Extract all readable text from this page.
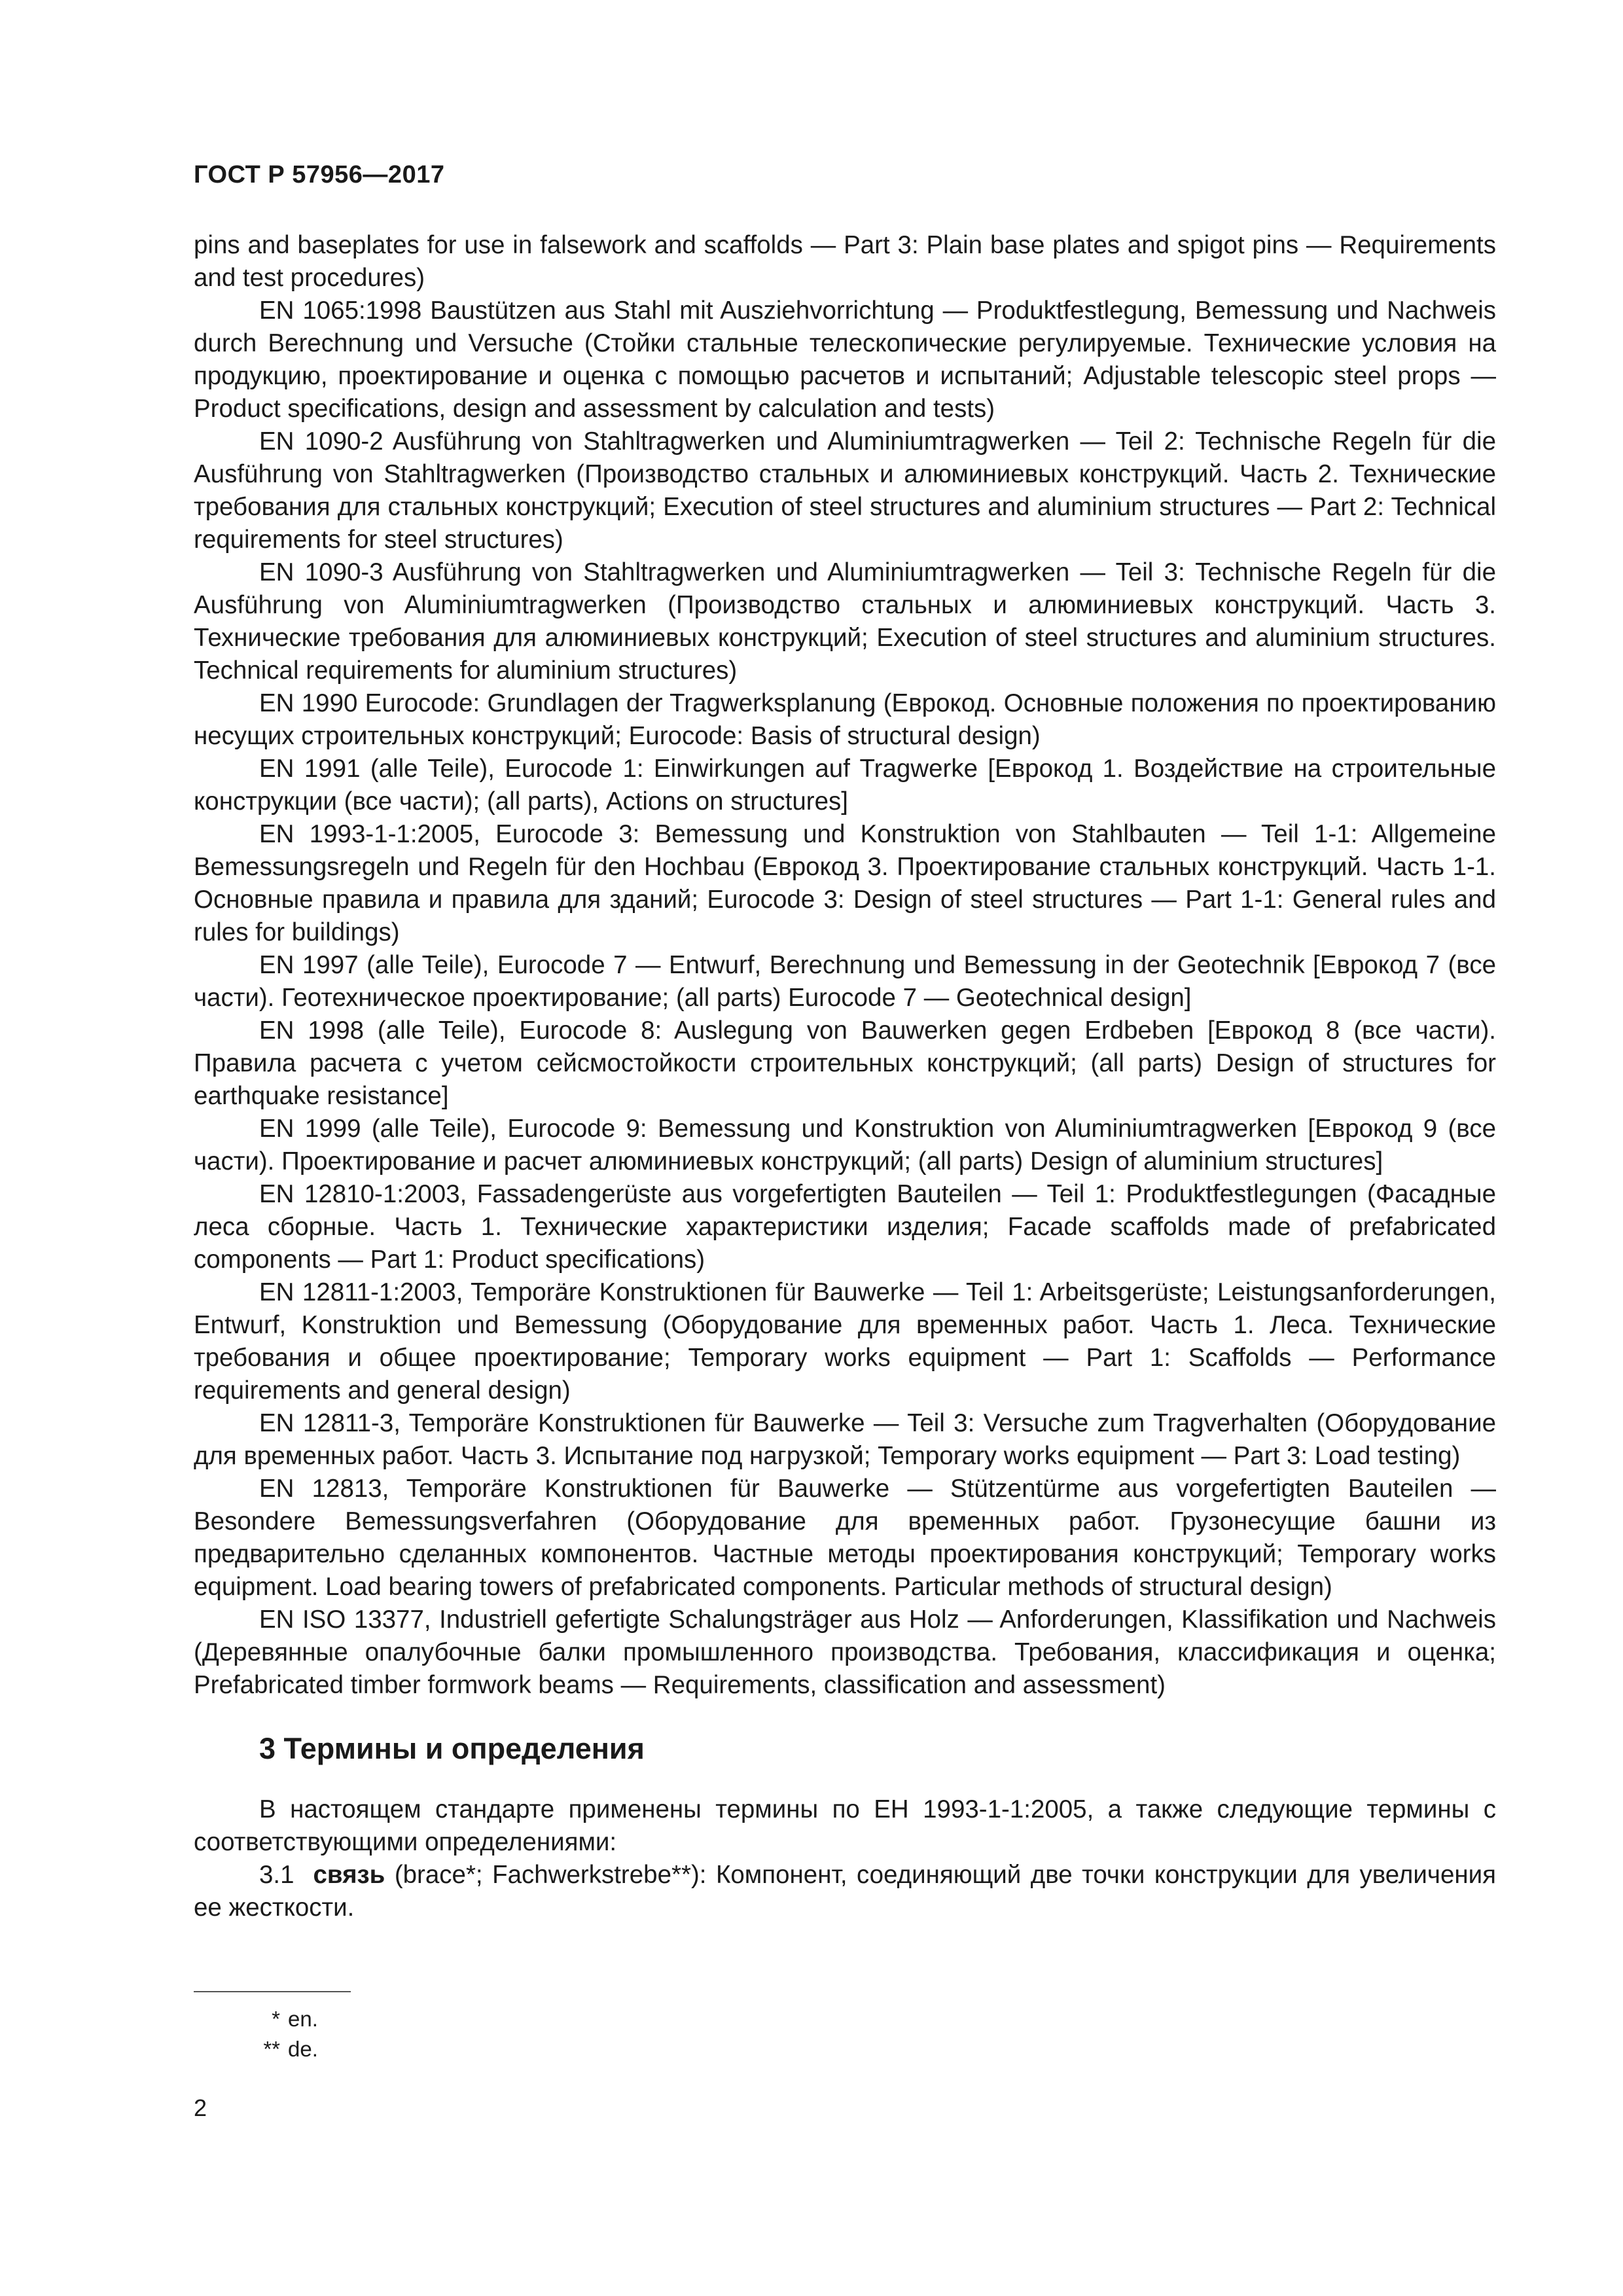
ГОСТ Р 57956—2017

pins and baseplates for use in falsework and scaffolds — Part 3: Plain base plates and spigot pins — Requirements and test procedures)

EN 1065:1998 Baustützen aus Stahl mit Ausziehvorrichtung — Produktfestlegung, Bemessung und Nachweis durch Berechnung und Versuche (Стойки стальные телескопические регулируемые. Технические условия на продукцию, проектирование и оценка с помощью расчетов и испытаний; Adjustable telescopic steel props — Product specifications, design and assessment by calculation and tests)

EN 1090-2 Ausführung von Stahltragwerken und Aluminiumtragwerken — Teil 2: Technische Regeln für die Ausführung von Stahltragwerken (Производство стальных и алюминиевых конструкций. Часть 2. Технические требования для стальных конструкций; Execution of steel structures and aluminium structures — Part 2: Technical requirements for steel structures)

EN 1090-3 Ausführung von Stahltragwerken und Aluminiumtragwerken — Teil 3: Technische Regeln für die Ausführung von Aluminiumtragwerken (Производство стальных и алюминиевых конструкций. Часть 3. Технические требования для алюминиевых конструкций; Execution of steel structures and aluminium structures. Technical requirements for aluminium structures)

EN 1990 Eurocode: Grundlagen der Tragwerksplanung (Еврокод. Основные положения по проектированию несущих строительных конструкций; Eurocode: Basis of structural design)

EN 1991 (alle Teile), Eurocode 1: Einwirkungen auf Tragwerke [Еврокод 1. Воздействие на строительные конструкции (все части); (all parts), Actions on structures]

EN 1993-1-1:2005, Eurocode 3: Bemessung und Konstruktion von Stahlbauten — Teil 1-1: Allgemeine Bemessungsregeln und Regeln für den Hochbau (Еврокод 3. Проектирование стальных конструкций. Часть 1-1. Основные правила и правила для зданий; Eurocode 3: Design of steel structures — Part 1-1: General rules and rules for buildings)

EN 1997 (alle Teile), Eurocode 7 — Entwurf, Berechnung und Bemessung in der Geotechnik [Еврокод 7 (все части). Геотехническое проектирование; (all parts) Eurocode 7 — Geotechnical design]

EN 1998 (alle Teile), Eurocode 8: Auslegung von Bauwerken gegen Erdbeben [Еврокод 8 (все части). Правила расчета с учетом сейсмостойкости строительных конструкций; (all parts) Design of structures for earthquake resistance]

EN 1999 (alle Teile), Eurocode 9: Bemessung und Konstruktion von Aluminiumtragwerken [Еврокод 9 (все части). Проектирование и расчет алюминиевых конструкций; (all parts) Design of aluminium structures]

EN 12810-1:2003, Fassadengerüste aus vorgefertigten Bauteilen — Teil 1: Produktfestlegungen (Фасадные леса сборные. Часть 1. Технические характеристики изделия; Facade scaffolds made of prefabricated components — Part 1: Product specifications)

EN 12811-1:2003, Temporäre Konstruktionen für Bauwerke — Teil 1: Arbeitsgerüste; Leistungsanforderungen, Entwurf, Konstruktion und Bemessung (Оборудование для временных работ. Часть 1. Леса. Технические требования и общее проектирование; Temporary works equipment — Part 1: Scaffolds — Performance requirements and general design)

EN 12811-3, Temporäre Konstruktionen für Bauwerke — Teil 3: Versuche zum Tragverhalten (Оборудование для временных работ. Часть 3. Испытание под нагрузкой; Temporary works equipment — Part 3: Load testing)

EN 12813, Temporäre Konstruktionen für Bauwerke — Stützentürme aus vorgefertigten Bauteilen — Besondere Bemessungsverfahren (Оборудование для временных работ. Грузонесущие башни из предварительно сделанных компонентов. Частные методы проектирования конструкций; Temporary works equipment. Load bearing towers of prefabricated components. Particular methods of structural design)

EN ISO 13377, Industriell gefertigte Schalungsträger aus Holz — Anforderungen, Klassifikation und Nachweis (Деревянные опалубочные балки промышленного производства. Требования, классификация и оценка; Prefabricated timber formwork beams — Requirements, classification and assessment)

3 Термины и определения

В настоящем стандарте применены термины по ЕН 1993-1-1:2005, а также следующие термины с соответствующими определениями:

3.1 связь (brace*; Fachwerkstrebe**): Компонент, соединяющий две точки конструкции для увеличения ее жесткости.

* en.
** de.
2
